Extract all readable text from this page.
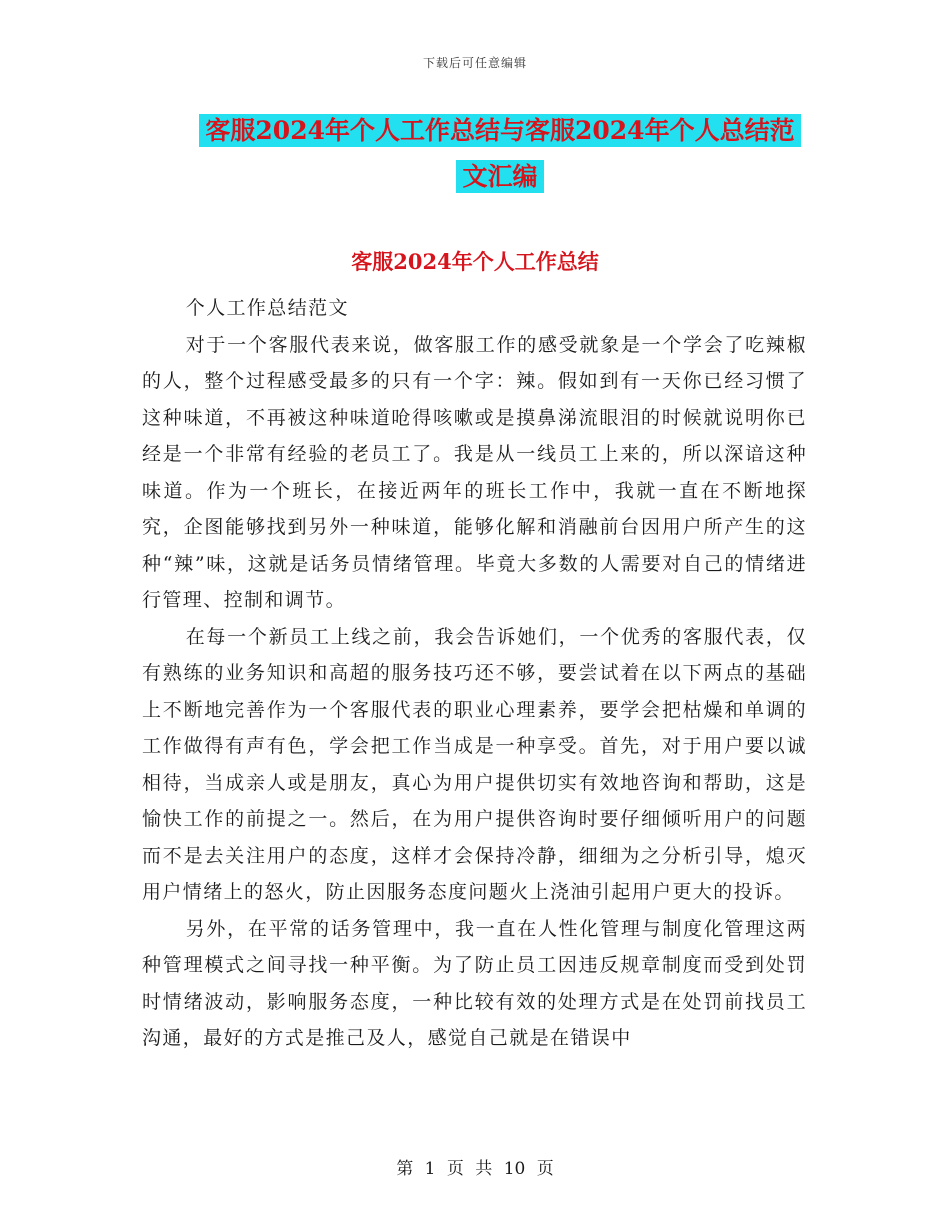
下载后可任意编辑
客服2024年个人工作总结与客服2024年个人总结范文汇编
客服2024年个人工作总结

个人工作总结范文

对于一个客服代表来说，做客服工作的感受就象是一个学会了吃辣椒的人，整个过程感受最多的只有一个字：辣。假如到有一天你已经习惯了这种味道，不再被这种味道呛得咳嗽或是摸鼻涕流眼泪的时候就说明你已经是一个非常有经验的老员工了。我是从一线员工上来的，所以深谙这种味道。作为一个班长，在接近两年的班长工作中，我就一直在不断地探究，企图能够找到另外一种味道，能够化解和消融前台因用户所产生的这种“辣”味，这就是话务员情绪管理。毕竟大多数的人需要对自己的情绪进行管理、控制和调节。

在每一个新员工上线之前，我会告诉她们，一个优秀的客服代表，仅有熟练的业务知识和高超的服务技巧还不够，要尝试着在以下两点的基础上不断地完善作为一个客服代表的职业心理素养，要学会把枯燥和单调的工作做得有声有色，学会把工作当成是一种享受。首先，对于用户要以诚相待，当成亲人或是朋友，真心为用户提供切实有效地咨询和帮助，这是愉快工作的前提之一。然后，在为用户提供咨询时要仔细倾听用户的问题而不是去关注用户的态度，这样才会保持冷静，细细为之分析引导，熄灭用户情绪上的怒火，防止因服务态度问题火上浇油引起用户更大的投诉。

另外，在平常的话务管理中，我一直在人性化管理与制度化管理这两种管理模式之间寻找一种平衡。为了防止员工因违反规章制度而受到处罚时情绪波动，影响服务态度，一种比较有效的处理方式是在处罚前找员工沟通，最好的方式是推己及人，感觉自己就是在错误中

第 1 页 共 10 页
